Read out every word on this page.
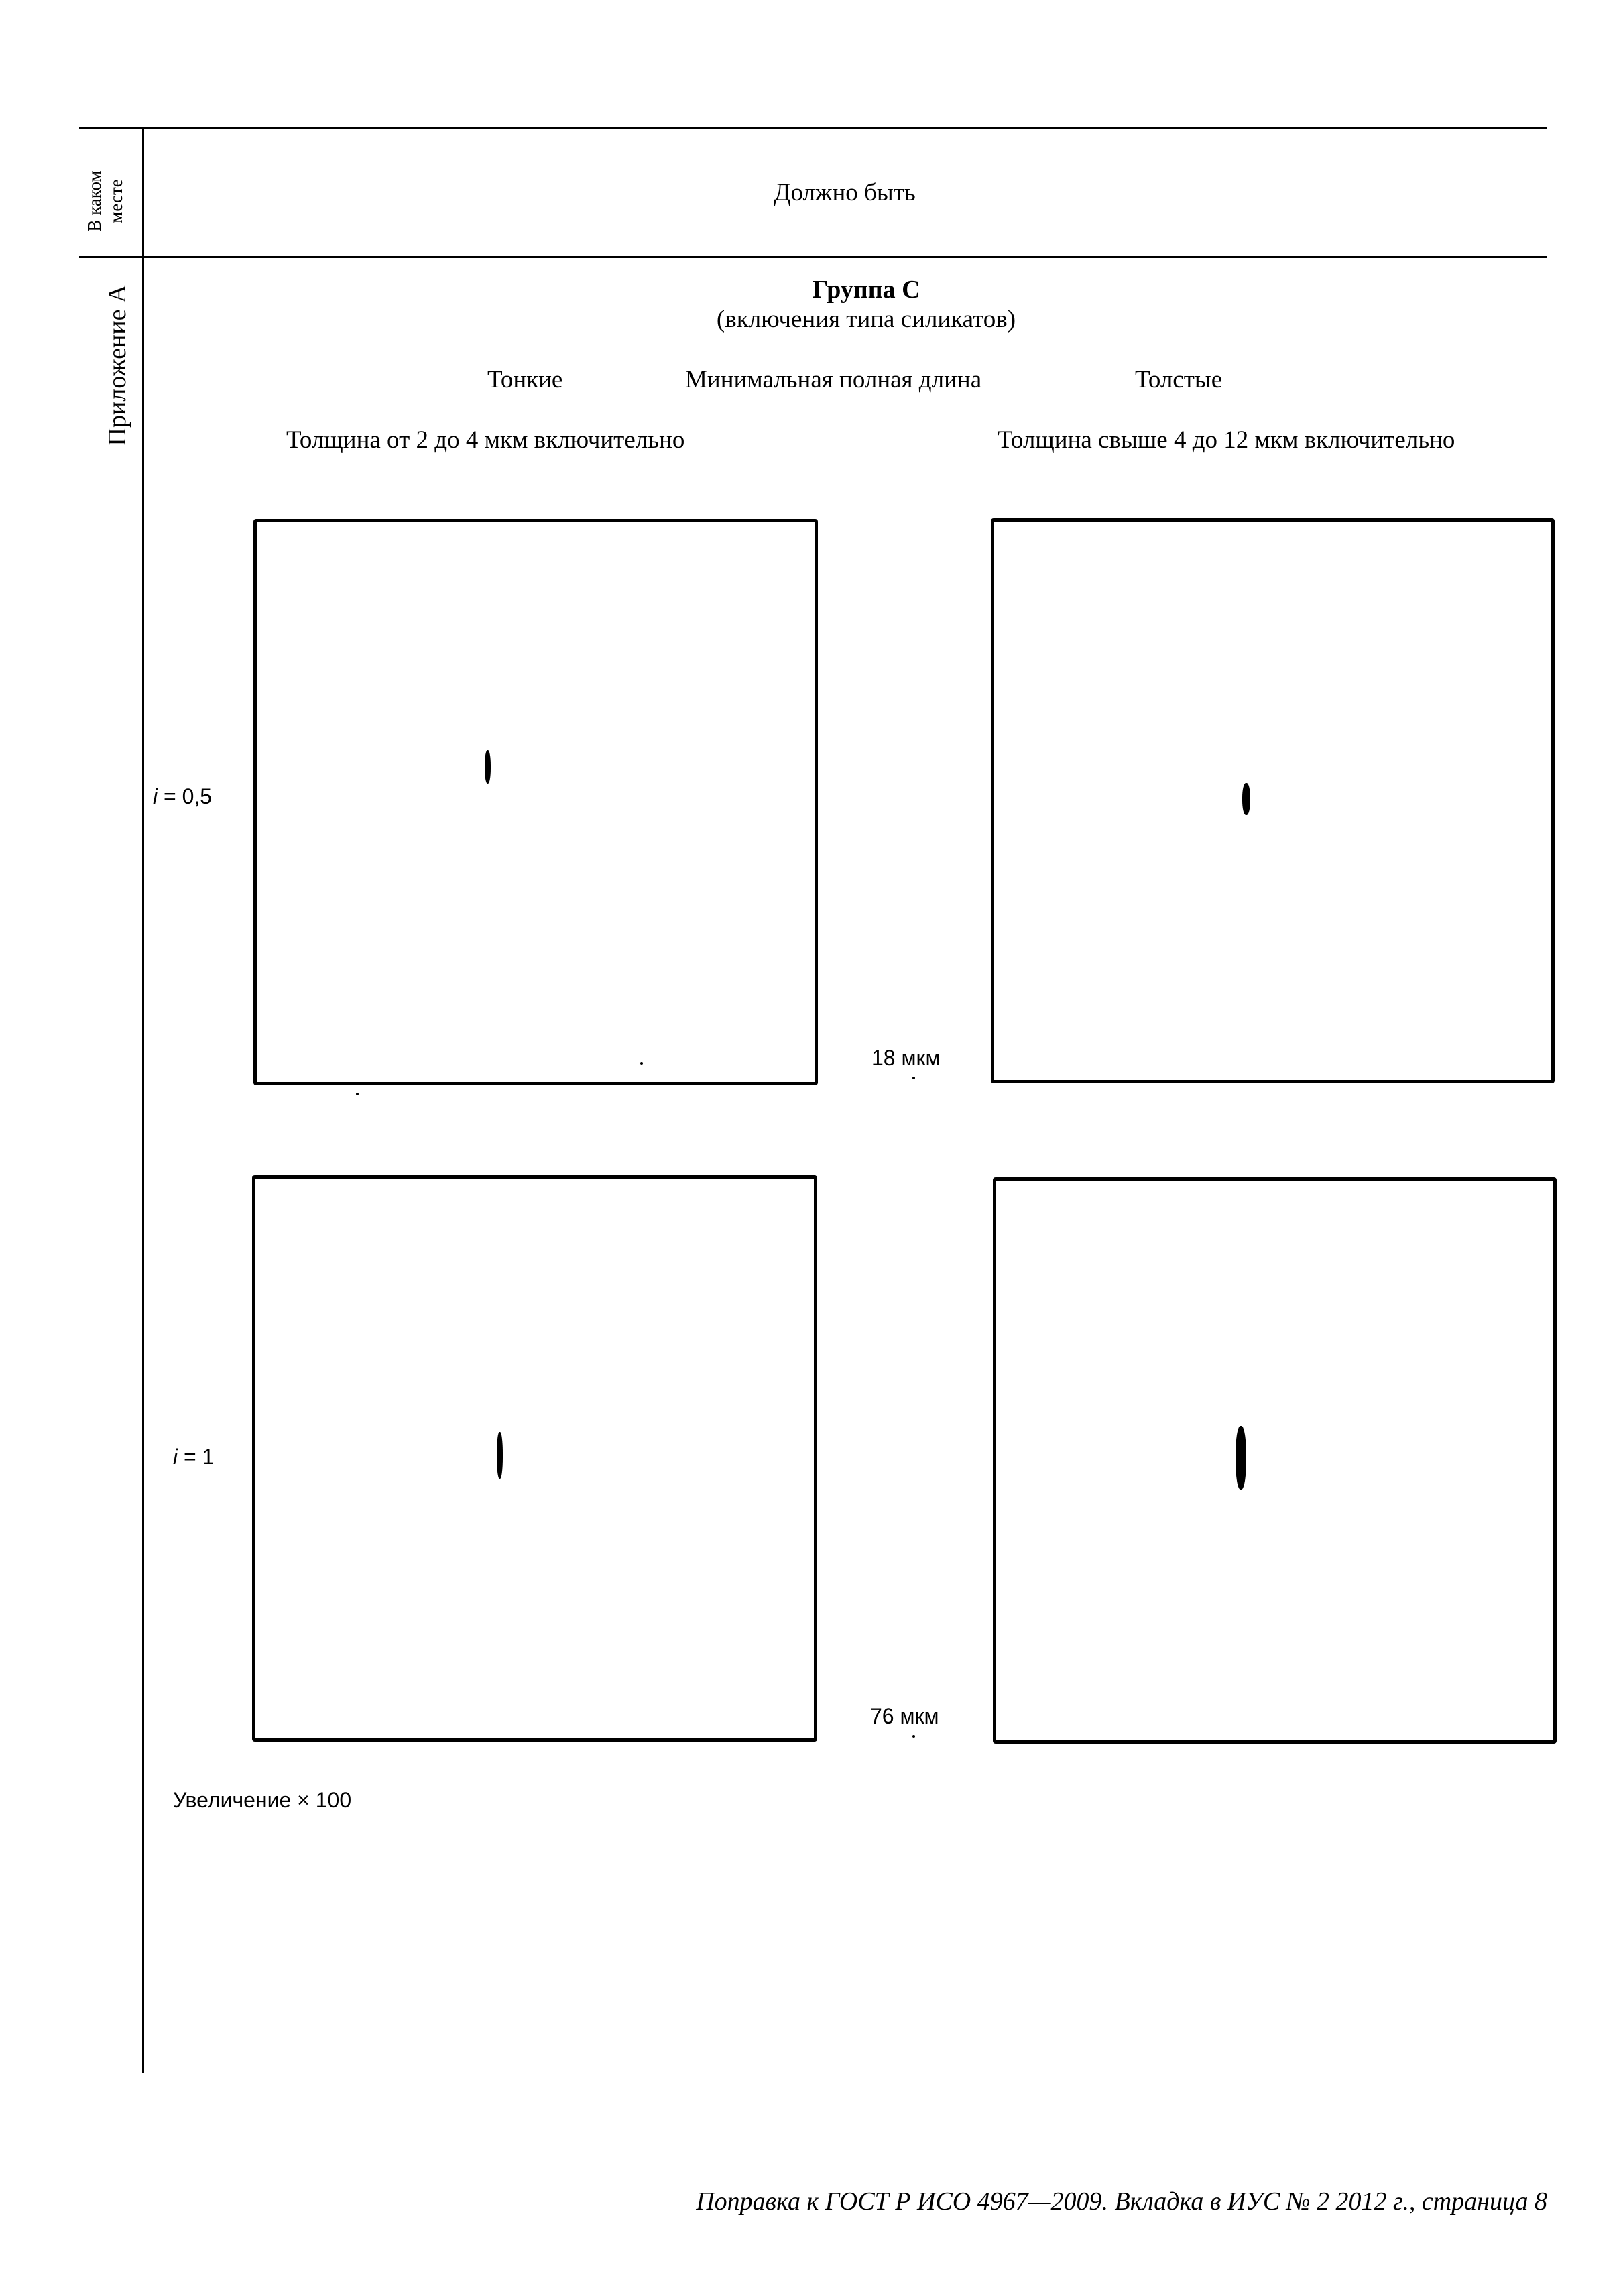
В каком месте	Должно быть
Приложение А	Группа С
(включения типа силикатов)
Тонкие	Минимальная полная длина	Толстые
Толщина от 2 до 4 мкм включительно	Толщина свыше 4 до 12 мкм включительно
i = 0,5
18 мкм
i = 1
76 мкм
Увеличение × 100
Поправка к ГОСТ Р ИСО 4967—2009. Вкладка в ИУС № 2 2012 г., страница 8
